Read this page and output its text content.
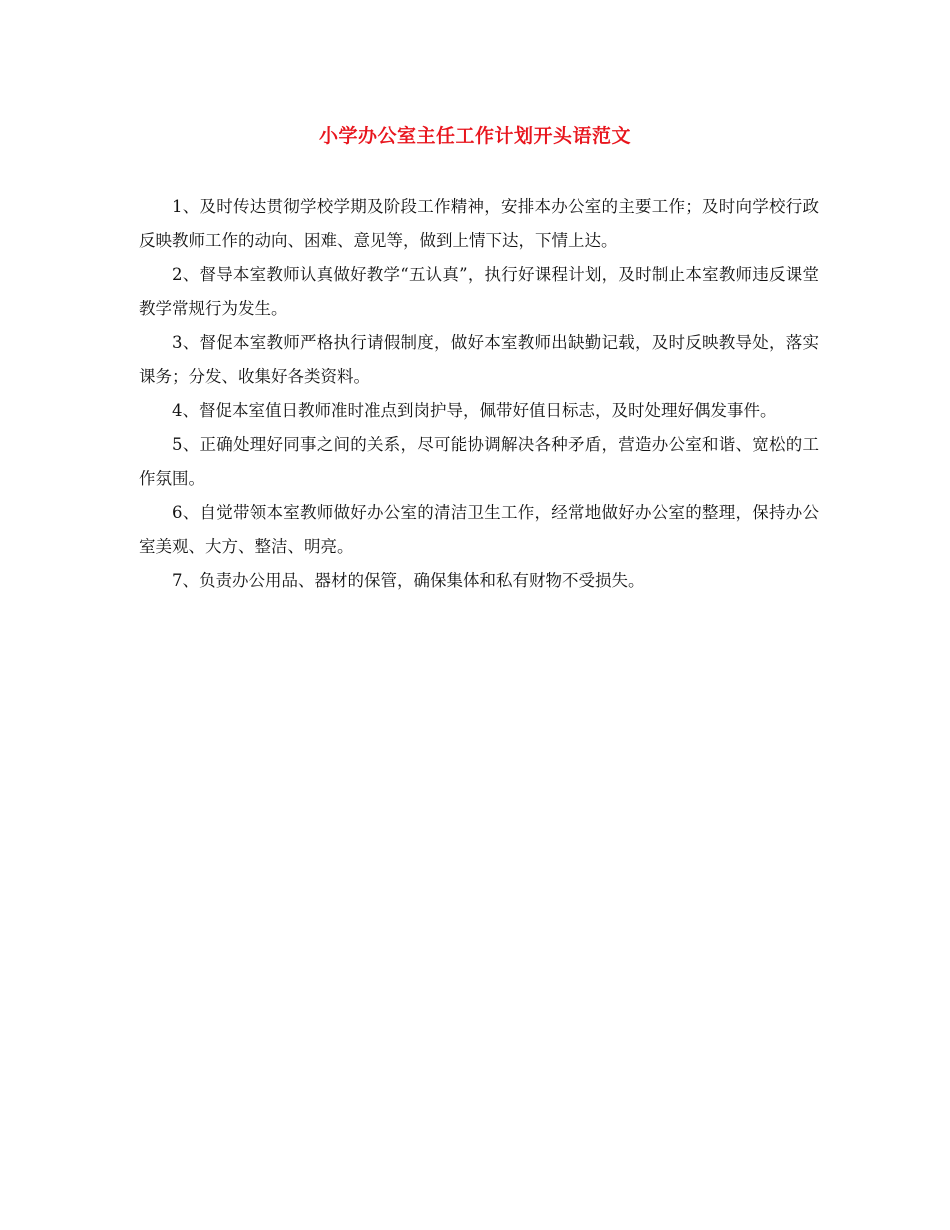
小学办公室主任工作计划开头语范文

1、及时传达贯彻学校学期及阶段工作精神，安排本办公室的主要工作；及时向学校行政反映教师工作的动向、困难、意见等，做到上情下达，下情上达。

2、督导本室教师认真做好教学“五认真”，执行好课程计划，及时制止本室教师违反课堂教学常规行为发生。

3、督促本室教师严格执行请假制度，做好本室教师出缺勤记载，及时反映教导处，落实课务；分发、收集好各类资料。

4、督促本室值日教师准时准点到岗护导，佩带好值日标志，及时处理好偶发事件。

5、正确处理好同事之间的关系，尽可能协调解决各种矛盾，营造办公室和谐、宽松的工作氛围。

6、自觉带领本室教师做好办公室的清洁卫生工作，经常地做好办公室的整理，保持办公室美观、大方、整洁、明亮。

7、负责办公用品、器材的保管，确保集体和私有财物不受损失。
